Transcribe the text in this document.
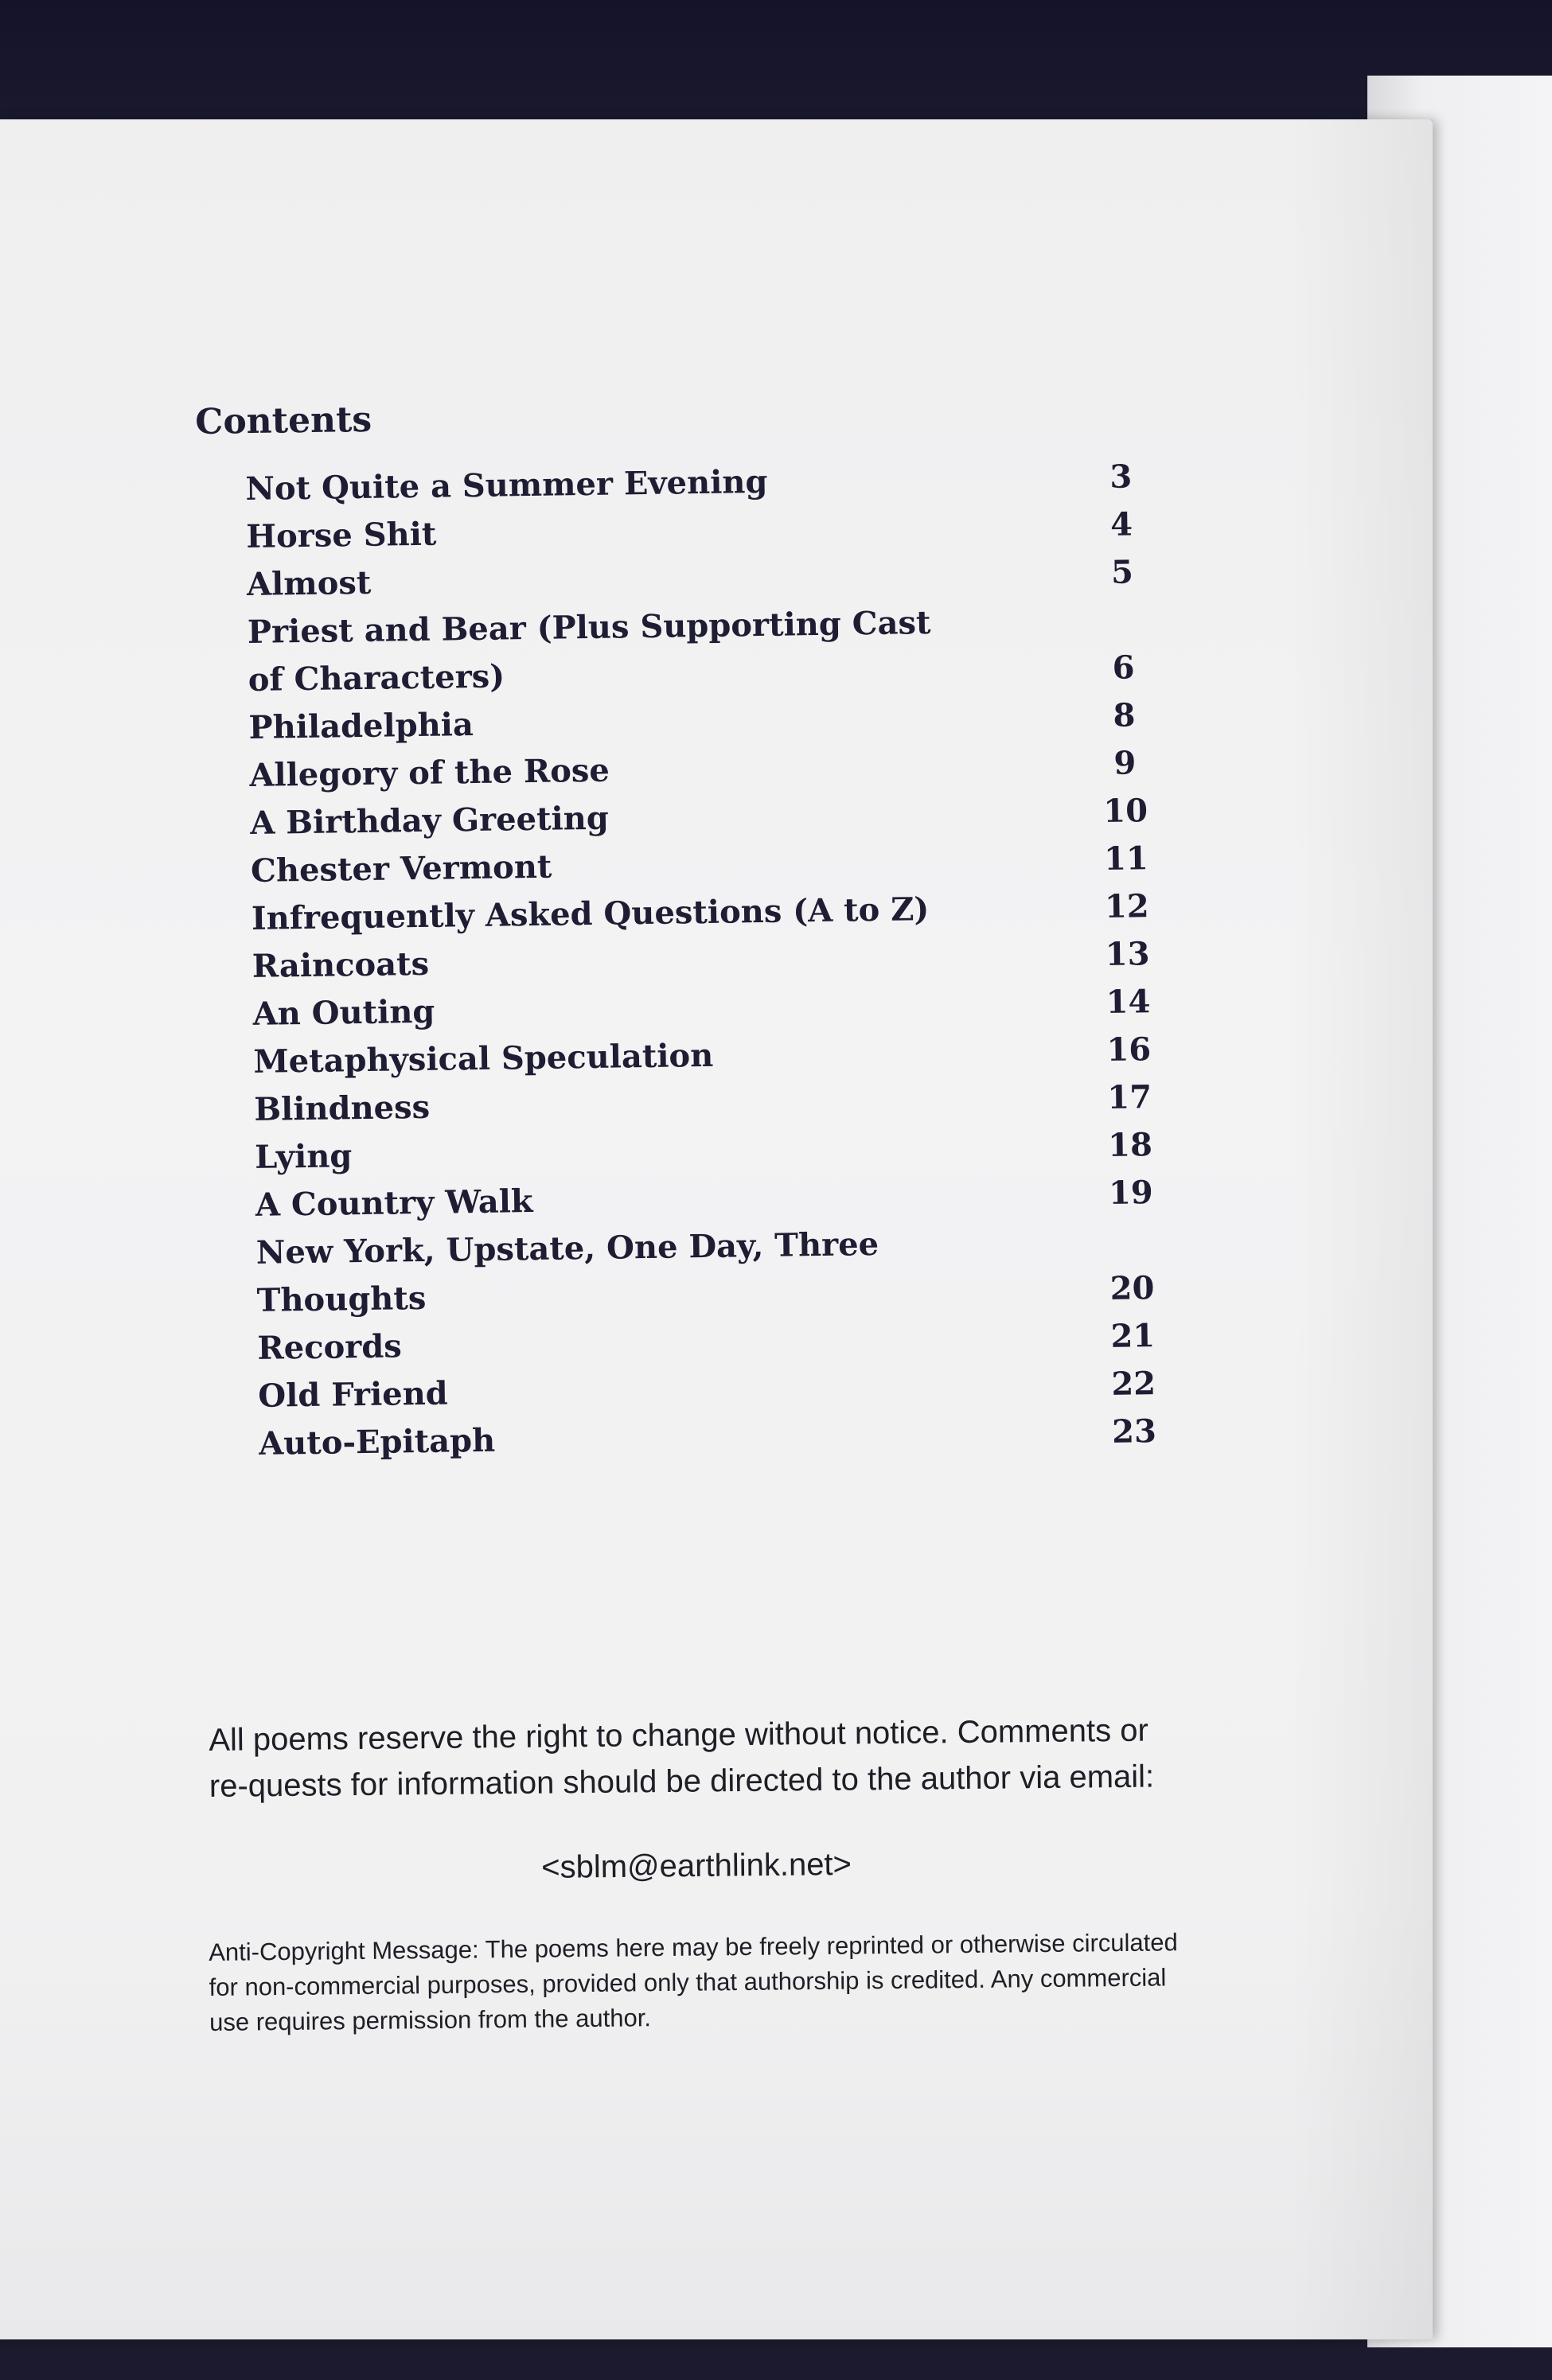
Contents
Not Quite a Summer Evening	3
Horse Shit	4
Almost	5
Priest and Bear (Plus Supporting Cast of Characters)	6
Philadelphia	8
Allegory of the Rose	9
A Birthday Greeting	10
Chester Vermont	11
Infrequently Asked Questions (A to Z)	12
Raincoats	13
An Outing	14
Metaphysical Speculation	16
Blindness	17
Lying	18
A Country Walk	19
New York, Upstate, One Day, Three Thoughts	20
Records	21
Old Friend	22
Auto-Epitaph	23
All poems reserve the right to change without notice. Comments or re-quests for information should be directed to the author via email:
<sblm@earthlink.net>
Anti-Copyright Message: The poems here may be freely reprinted or otherwise circulated for non-commercial purposes, provided only that authorship is credited. Any commercial use requires permission from the author.
